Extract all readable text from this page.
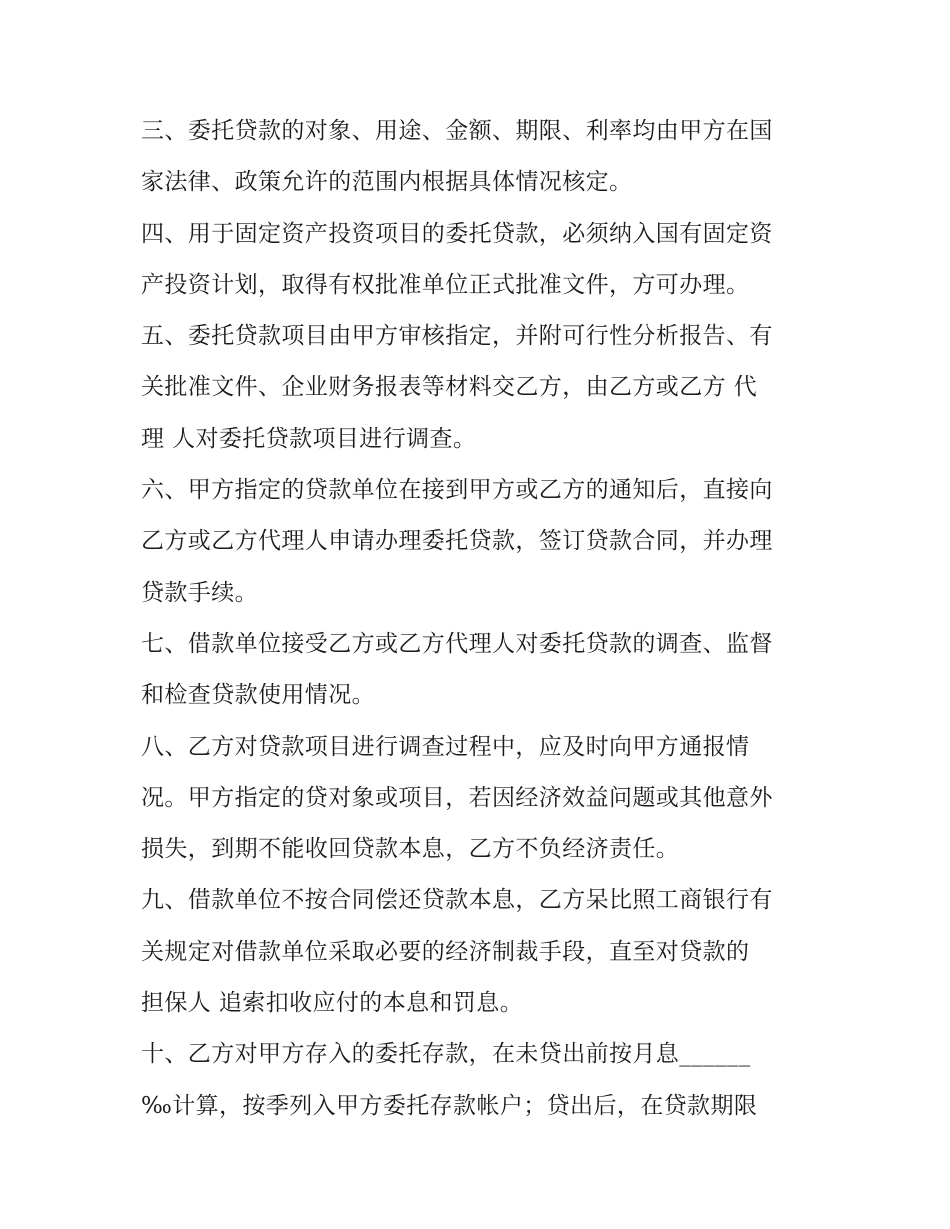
三、委托贷款的对象、用途、金额、期限、利率均由甲方在国
家法律、政策允许的范围内根据具体情况核定。
四、用于固定资产投资项目的委托贷款，必须纳入国有固定资
产投资计划，取得有权批准单位正式批准文件，方可办理。
五、委托贷款项目由甲方审核指定，并附可行性分析报告、有
关批准文件、企业财务报表等材料交乙方，由乙方或乙方 代
理 人对委托贷款项目进行调查。
六、甲方指定的贷款单位在接到甲方或乙方的通知后，直接向
乙方或乙方代理人申请办理委托贷款，签订贷款合同，并办理
贷款手续。
七、借款单位接受乙方或乙方代理人对委托贷款的调查、监督
和检查贷款使用情况。
八、乙方对贷款项目进行调查过程中，应及时向甲方通报情
况。甲方指定的贷对象或项目，若因经济效益问题或其他意外
损失，到期不能收回贷款本息，乙方不负经济责任。
九、借款单位不按合同偿还贷款本息，乙方呆比照工商银行有
关规定对借款单位采取必要的经济制裁手段，直至对贷款的
担保人 追索扣收应付的本息和罚息。
十、乙方对甲方存入的委托存款，在未贷出前按月息______
‰计算，按季列入甲方委托存款帐户；贷出后，在贷款期限
